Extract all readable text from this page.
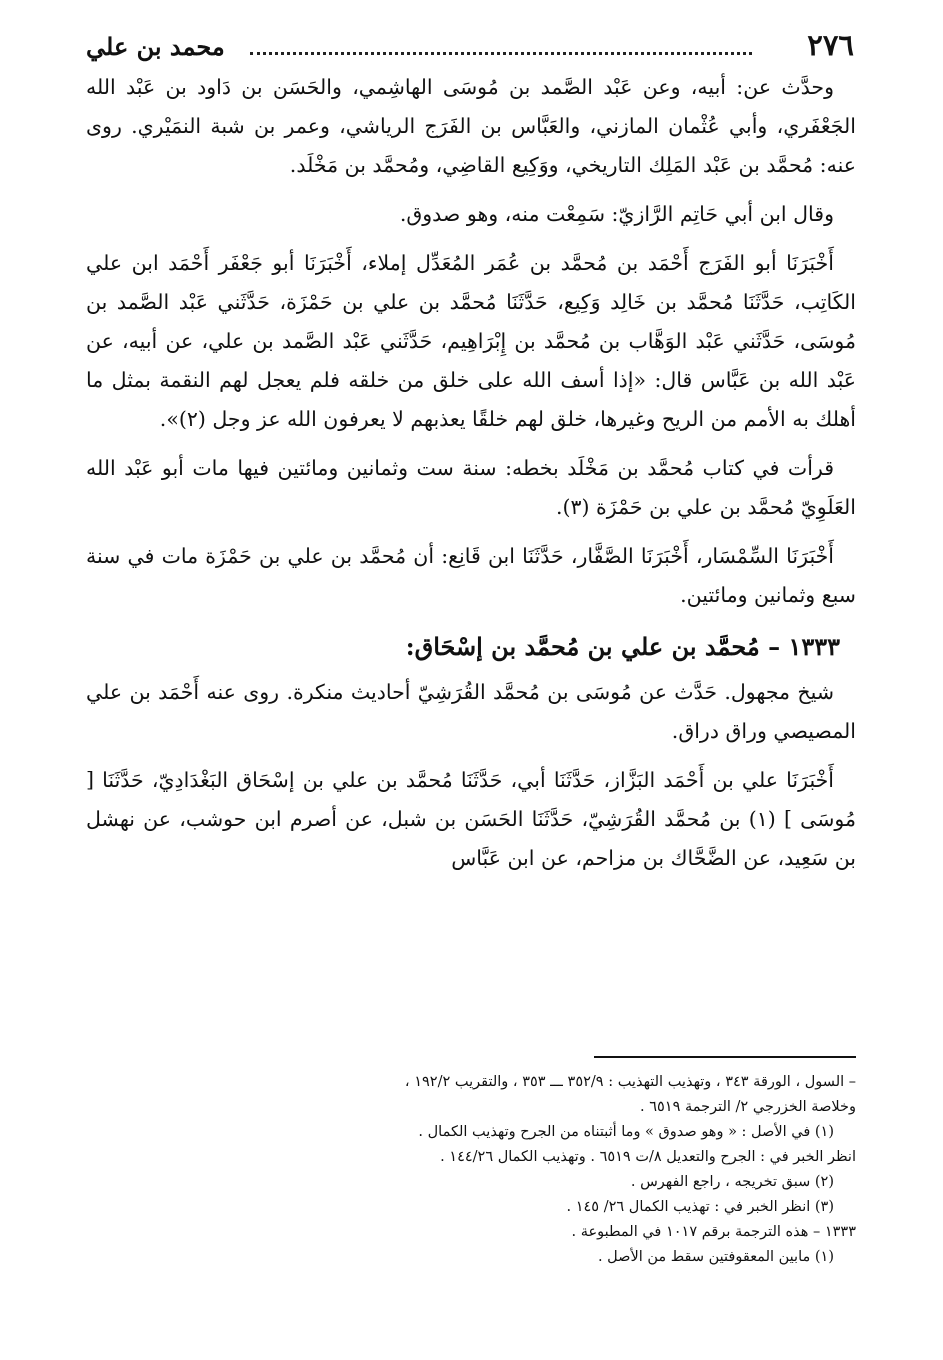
٢٧٦
محمد بن علي

وحدَّث عن: أبيه، وعن عَبْد الصَّمد بن مُوسَى الهاشِمي، والحَسَن بن دَاود بن عَبْد الله الجَعْفَري، وأبي عُثْمان المازني، والعَبَّاس بن الفَرَج الرياشي، وعمر بن شبة النمَيْري. روى عنه: مُحمَّد بن عَبْد المَلِك التاريخي، ووَكِيع القاضِي، ومُحمَّد بن مَخْلَد.

وقال ابن أبي حَاتِم الرَّازيّ: سَمِعْت منه، وهو صدوق.

أَخْبَرَنَا أبو الفَرَج أَحْمَد بن مُحمَّد بن عُمَر المُعَدِّل إملاء، أَخْبَرَنَا أبو جَعْفَر أَحْمَد ابن علي الكَاتِب، حَدَّثَنَا مُحمَّد بن خَالِد وَكِيع، حَدَّثَنَا مُحمَّد بن علي بن حَمْزَة، حَدَّثَني عَبْد الصَّمد بن مُوسَى، حَدَّثَني عَبْد الوَهَّاب بن مُحمَّد بن إِبْرَاهِيم، حَدَّثَني عَبْد الصَّمد بن علي، عن أبيه، عن عَبْد الله بن عَبَّاس قال: «إذا أسف الله على خلق من خلقه فلم يعجل لهم النقمة بمثل ما أهلك به الأمم من الريح وغيرها، خلق لهم خلقًا يعذبهم لا يعرفون الله عز وجل (٢)».

قرأت في كتاب مُحمَّد بن مَخْلَد بخطه: سنة ست وثمانين ومائتين فيها مات أبو عَبْد الله العَلَوِيّ مُحمَّد بن علي بن حَمْزَة (٣).

أَخْبَرَنَا السِّمْسَار، أَخْبَرَنَا الصَّفَّار، حَدَّثَنَا ابن قَانِع: أن مُحمَّد بن علي بن حَمْزَة مات في سنة سبع وثمانين ومائتين.

١٣٣٣ – مُحمَّد بن علي بن مُحمَّد بن إسْحَاق:

شيخ مجهول. حَدَّث عن مُوسَى بن مُحمَّد القُرَشِيّ أحاديث منكرة. روى عنه أَحْمَد بن علي المصيصي وراق دراق.

أَخْبَرَنَا علي بن أَحْمَد البَزَّاز، حَدَّثَنَا أبي، حَدَّثَنَا مُحمَّد بن علي بن إسْحَاق البَغْدَادِيّ، حَدَّثَنَا [ مُوسَى ] (١) بن مُحمَّد القُرَشِيّ، حَدَّثَنَا الحَسَن بن شبل، عن أصرم ابن حوشب، عن نهشل بن سَعِيد، عن الضَّحَّاك بن مزاحم، عن ابن عَبَّاس

– السول ، الورقة ٣٤٣ ، وتهذيب التهذيب : ٣٥٢/٩ ـــ ٣٥٣ ، والتقريب ١٩٢/٢ ،

وخلاصة الخزرجي ٢/ الترجمة ٦٥١٩ .

(١) في الأصل : « وهو صدوق » وما أثبتناه من الجرح وتهذيب الكمال .

انظر الخبر في : الجرح والتعديل ٨/ت ٦٥١٩ . وتهذيب الكمال ١٤٤/٢٦ .

(٢) سبق تخريجه ، راجع الفهرس .

(٣) انظر الخبر في : تهذيب الكمال ٢٦/ ١٤٥ .

١٣٣٣ – هذه الترجمة برقم ١٠١٧ في المطبوعة .

(١) مابين المعقوفتين سقط من الأصل .
